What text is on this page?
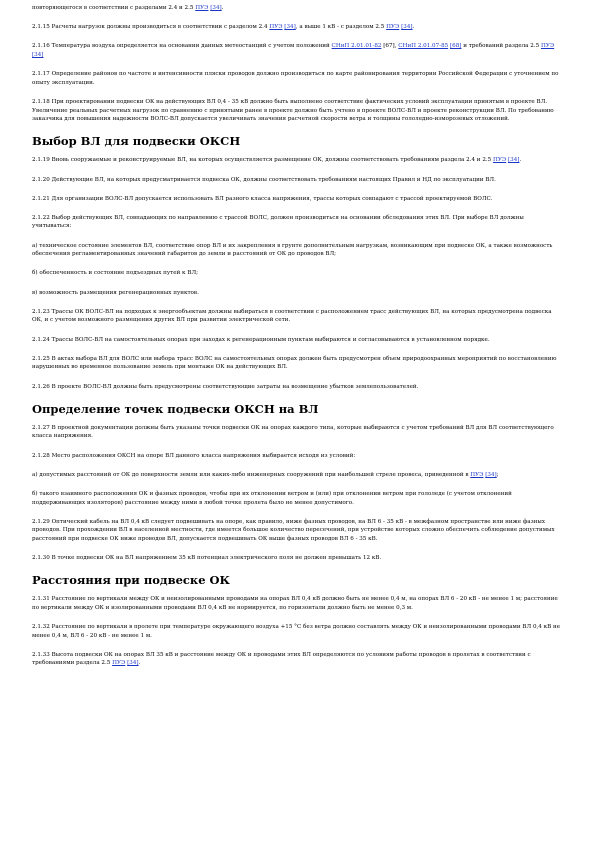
повторяющегося в соответствии с разделами 2.4 и 2.5 ПУЭ [34].

2.1.15 Расчеты нагрузок должны производиться в соответствии с разделом 2.4 ПУЭ [34], а выше 1 кВ - с разделом 2.5 ПУЭ [34].

2.1.16 Температура воздуха определяется на основании данных метеостанций с учетом положений СНиП 2.01.01-82 [67], СНиП 2.01.07-85 [68] и требований раздела 2.5 ПУЭ [34]

2.1.17 Определение районов по частоте и интенсивности пляски проводов должно производиться по карте районирования территории Российской Федерации с уточнением по опыту эксплуатации.

2.1.18 При проектировании подвески ОК на действующих ВЛ 0,4 - 35 кВ должно быть выполнено соответствие фактических условий эксплуатации принятым в проекте ВЛ. Увеличение реальных расчетных нагрузок по сравнению с принятыми ранее в проекте должно быть учтено в проекте ВОЛС-ВЛ и проекте реконструкции ВЛ. По требованию заказчика для повышения надежности ВОЛС-ВЛ допускается увеличивать значения расчетной скорости ветра и толщины гололедно-изморозевых отложений.

Выбор ВЛ для подвески ОКСН

2.1.19 Вновь сооружаемые и реконструируемые ВЛ, на которых осуществляется размещение ОК, должны соответствовать требованиям раздела 2.4 и 2.5 ПУЭ [34].

2.1.20 Действующие ВЛ, на которых предусматривается подвеска ОК, должны соответствовать требованиям настоящих Правил и НД по эксплуатации ВЛ.

2.1.21 Для организации ВОЛС-ВЛ допускается использовать ВЛ разного класса напряжения, трассы которых совпадают с трассой проектируемой ВОЛС.

2.1.22 Выбор действующих ВЛ, совпадающих по направлению с трассой ВОЛС, должен производиться на основании обследования этих ВЛ. При выборе ВЛ должны учитываться:

а) техническое состояние элементов ВЛ, соответствие опор ВЛ и их закрепления в грунте дополнительным нагрузкам, возникающим при подвеске ОК, а также возможность обеспечения регламентированных значений габаритов до земли и расстояний от ОК до проводов ВЛ;

б) обеспеченность и состояние подъездных путей к ВЛ;

в) возможность размещения регенерационных пунктов.

2.1.23 Трассы ОК ВОЛС-ВЛ на подходах к энергообъектам должны выбираться в соответствии с расположением трасс действующих ВЛ, на которых предусмотрена подвеска ОК, и с учетом возможного размещения других ВЛ при развитии электрической сети.

2.1.24 Трассы ВОЛС-ВЛ на самостоятельных опорах при заходах к регенерационным пунктам выбираются и согласовываются в установленном порядке.

2.1.25 В актах выбора ВЛ для ВОЛС или выбора трасс ВОЛС на самостоятельных опорах должен быть предусмотрен объем природоохранных мероприятий по восстановлению нарушенных во временное пользование земель при монтаже ОК на действующих ВЛ.

2.1.26 В проекте ВОЛС-ВЛ должны быть предусмотрены соответствующие затраты на возмещение убытков землепользователей.

Определение точек подвески ОКСН на ВЛ

2.1.27 В проектной документации должны быть указаны точки подвески ОК на опорах каждого типа, которые выбираются с учетом требований ВЛ для ВЛ соответствующего класса напряжения.

2.1.28 Место расположения ОКСН на опоре ВЛ данного класса напряжения выбирается исходя из условий:

а) допустимых расстояний от ОК до поверхности земли или каких-либо инженерных сооружений при наибольшей стреле провеса, приведенной в ПУЭ [34];

б) такого взаимного расположения ОК и фазных проводов, чтобы при их отклонении ветром и (или) при отклонении ветром при гололеде (с учетом отклонений поддерживающих изоляторов) расстояние между ними в любой точке пролета было не менее допустимого.

2.1.29 Оптический кабель на ВЛ 0,4 кВ следует подвешивать на опоре, как правило, ниже фазных проводов, на ВЛ 6 - 35 кВ - в межфазном пространстве или ниже фазных проводов. При прохождении ВЛ в населенной местности, где имеется большое количество пересечений, при устройстве которых сложно обеспечить соблюдение допустимых расстояний при подвеске ОК ниже проводов ВЛ, допускается подвешивать ОК выше фазных проводов ВЛ 6 - 35 кВ.

2.1.30 В точке подвески ОК на ВЛ напряжением 35 кВ потенциал электрического поля не должен превышать 12 кВ.

Расстояния при подвеске ОК

2.1.31 Расстояние по вертикали между ОК и неизолированными проводами на опорах ВЛ 0,4 кВ должно быть не менее 0,4 м, на опорах ВЛ 6 - 20 кВ - не менее 1 м; расстояние по вертикали между ОК и изолированными проводами ВЛ 0,4 кВ не нормируется, по горизонтали должно быть не менее 0,3 м.

2.1.32 Расстояние по вертикали в пролете при температуре окружающего воздуха +15 °С без ветра должно составлять между ОК и неизолированными проводами ВЛ 0,4 кВ не менее 0,4 м, ВЛ 6 - 20 кВ - не менее 1 м.

2.1.33 Высота подвески ОК на опорах ВЛ 35 кВ и расстояние между ОК и проводами этих ВЛ определяются по условиям работы проводов в пролетах в соответствии с требованиями раздела 2.5 ПУЭ [34].
